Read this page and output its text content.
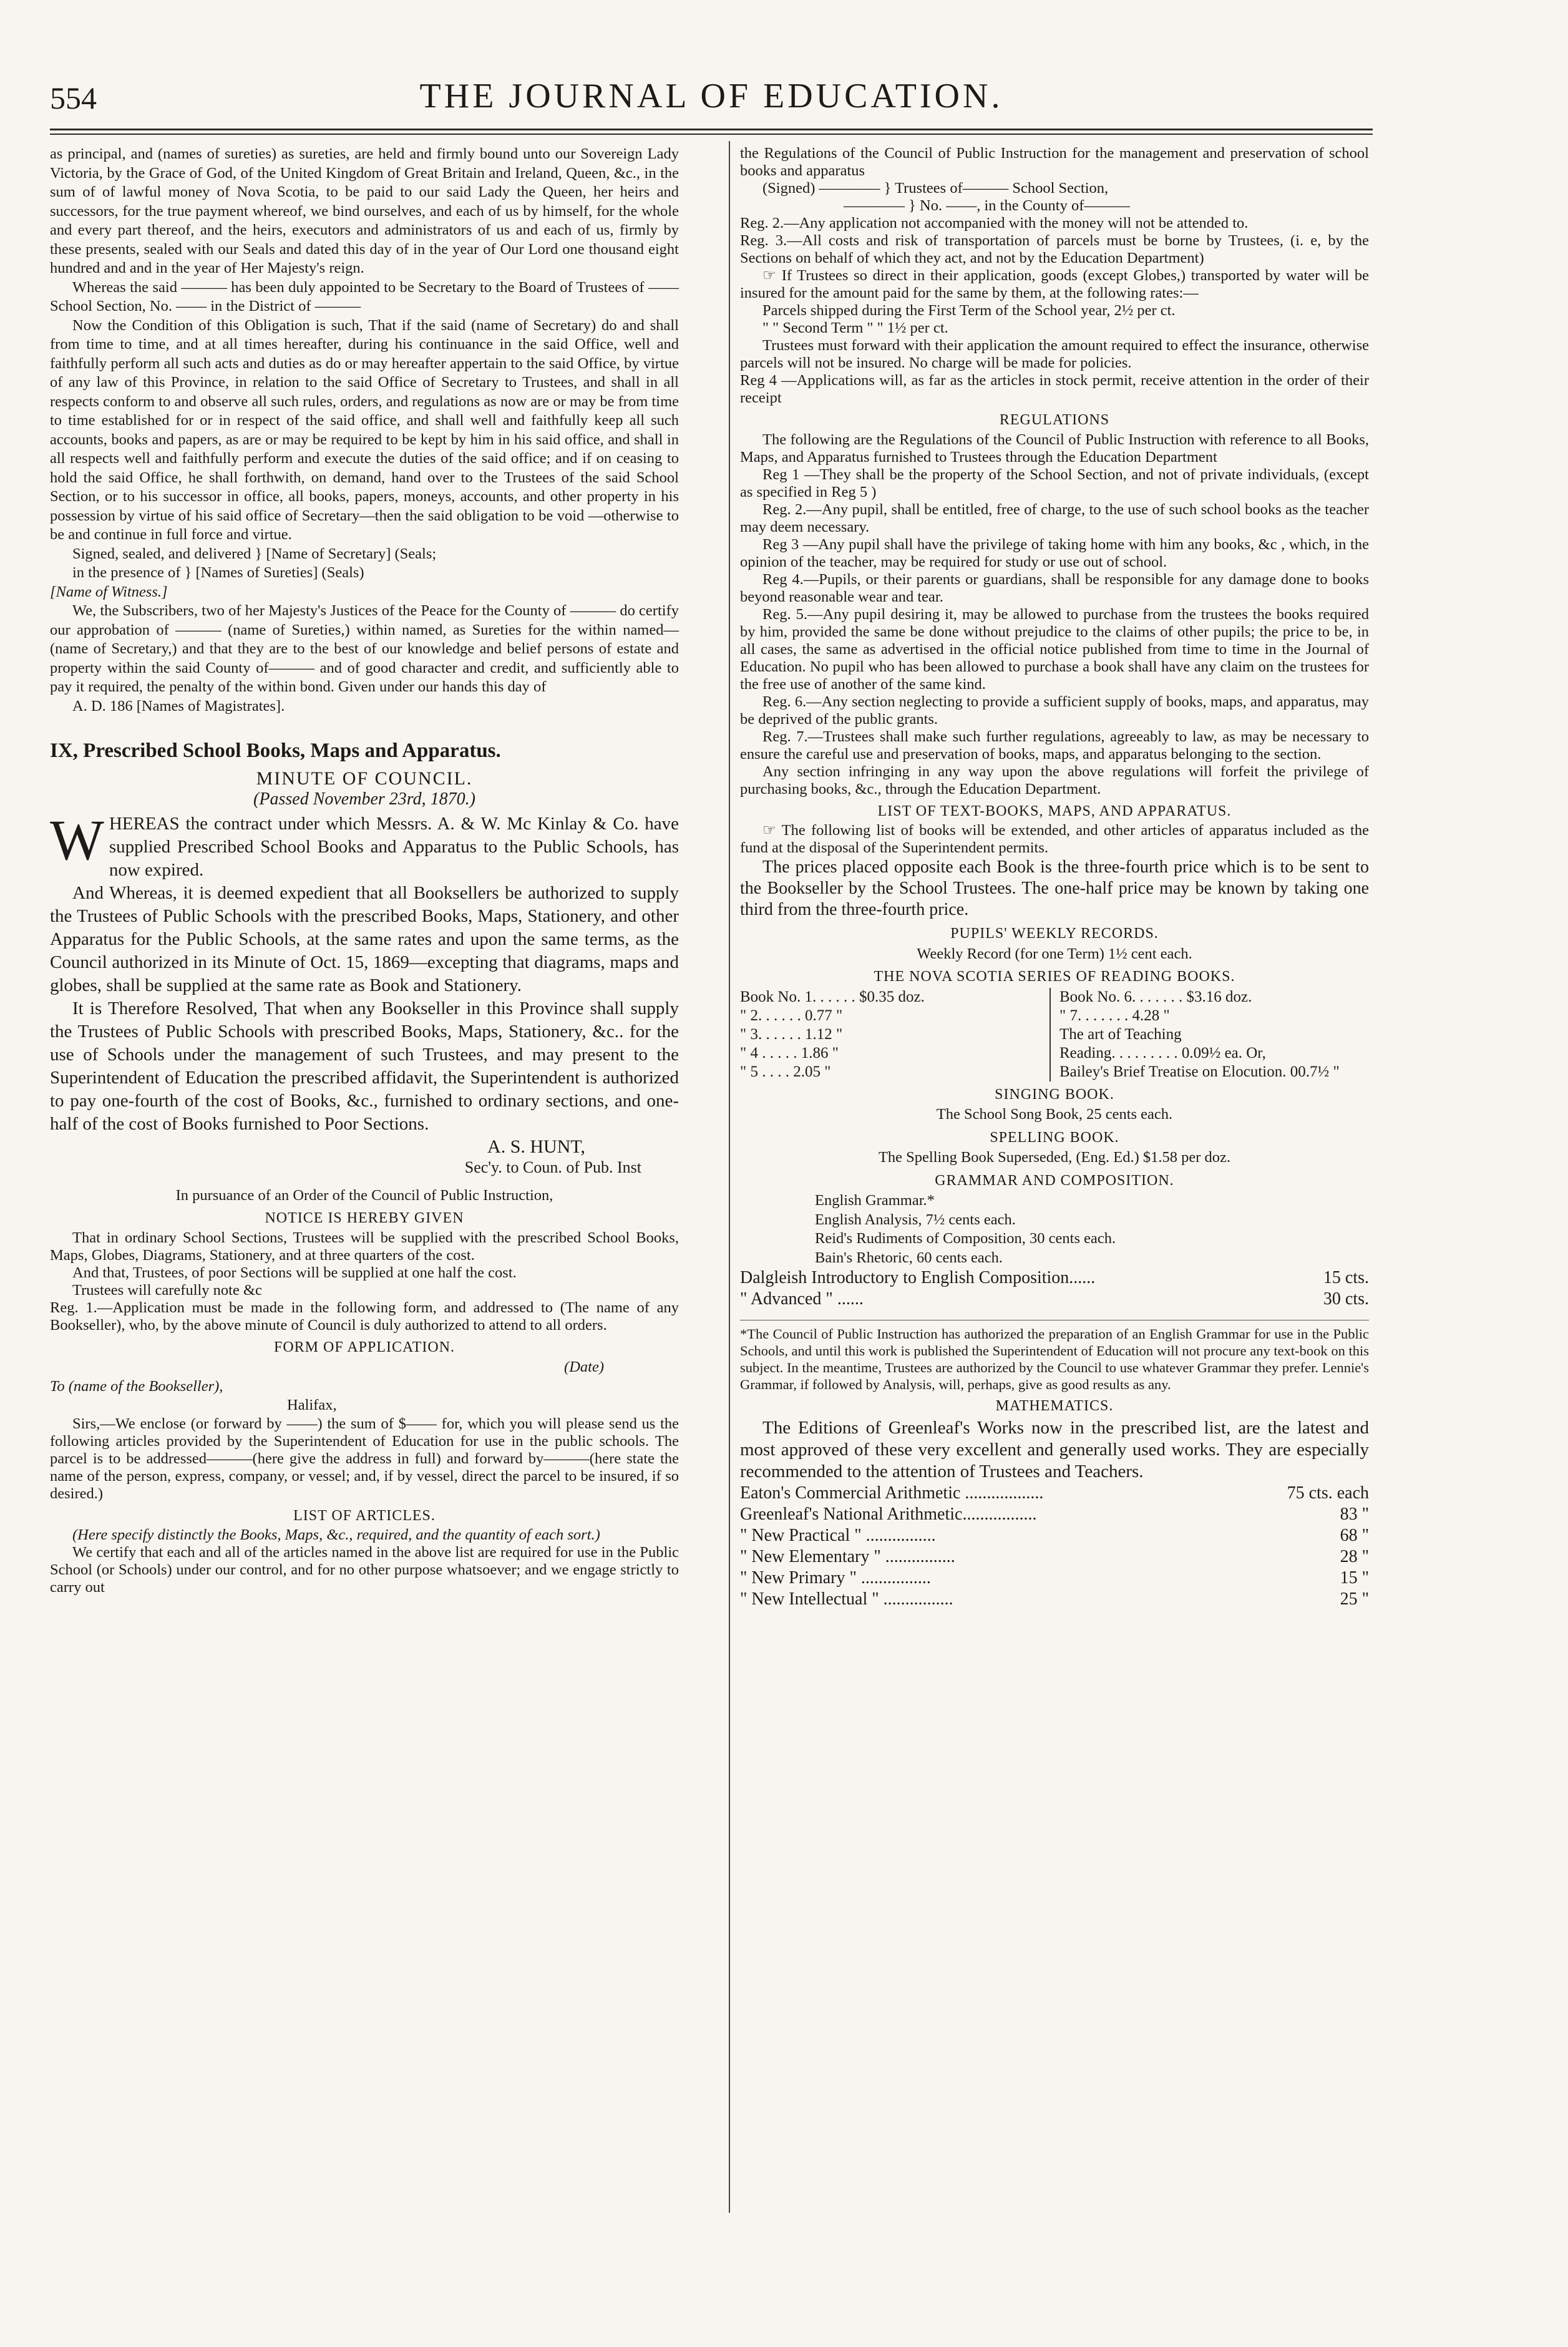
554	THE JOURNAL OF EDUCATION.

as principal, and (names of sureties) as sureties, are held and firmly bound unto our Sovereign Lady Victoria, by the Grace of God, of the United Kingdom of Great Britain and Ireland, Queen, &c., in the sum of of lawful money of Nova Scotia, to be paid to our said Lady the Queen, her heirs and successors, for the true payment whereof, we bind ourselves, and each of us by himself, for the whole and every part thereof, and the heirs, executors and administrators of us and each of us, firmly by these presents, sealed with our Seals and dated this day of in the year of Our Lord one thousand eight hundred and and in the year of Her Majesty's reign.

Whereas the said ——— has been duly appointed to be Secretary to the Board of Trustees of —— School Section, No. —— in the District of ———

Now the Condition of this Obligation is such, That if the said (name of Secretary) do and shall from time to time, and at all times hereafter, during his continuance in the said Office, well and faithfully perform all such acts and duties as do or may hereafter appertain to the said Office, by virtue of any law of this Province, in relation to the said Office of Secretary to Trustees, and shall in all respects conform to and observe all such rules, orders, and regulations as now are or may be from time to time established for or in respect of the said office, and shall well and faithfully keep all such accounts, books and papers, as are or may be required to be kept by him in his said office, and shall in all respects well and faithfully perform and execute the duties of the said office; and if on ceasing to hold the said Office, he shall forthwith, on demand, hand over to the Trustees of the said School Section, or to his successor in office, all books, papers, moneys, accounts, and other property in his possession by virtue of his said office of Secretary—then the said obligation to be void —otherwise to be and continue in full force and virtue.

Signed, sealed, and delivered } [Name of Secretary] (Seals;

in the presence of } [Names of Sureties] (Seals)

[Name of Witness.]

We, the Subscribers, two of her Majesty's Justices of the Peace for the County of ——— do certify our approbation of ——— (name of Sureties,) within named, as Sureties for the within named— (name of Secretary,) and that they are to the best of our knowledge and belief persons of estate and property within the said County of——— and of good character and credit, and sufficiently able to pay it required, the penalty of the within bond. Given under our hands this day of

A. D. 186 [Names of Magistrates].

IX, Prescribed School Books, Maps and Apparatus.
MINUTE OF COUNCIL.
(Passed November 23rd, 1870.)

WHEREAS the contract under which Messrs. A. & W. Mc Kinlay & Co. have supplied Prescribed School Books and Apparatus to the Public Schools, has now expired.

And Whereas, it is deemed expedient that all Booksellers be authorized to supply the Trustees of Public Schools with the prescribed Books, Maps, Stationery, and other Apparatus for the Public Schools, at the same rates and upon the same terms, as the Council authorized in its Minute of Oct. 15, 1869—excepting that diagrams, maps and globes, shall be supplied at the same rate as Book and Stationery.

It is Therefore Resolved, That when any Bookseller in this Province shall supply the Trustees of Public Schools with prescribed Books, Maps, Stationery, &c.. for the use of Schools under the management of such Trustees, and may present to the Superintendent of Education the prescribed affidavit, the Superintendent is authorized to pay one-fourth of the cost of Books, &c., furnished to ordinary sections, and one-half of the cost of Books furnished to Poor Sections.

A. S. HUNT,
Sec'y. to Coun. of Pub. Inst

In pursuance of an Order of the Council of Public Instruction,

NOTICE IS HEREBY GIVEN

That in ordinary School Sections, Trustees will be supplied with the prescribed School Books, Maps, Globes, Diagrams, Stationery, and at three quarters of the cost.

And that, Trustees, of poor Sections will be supplied at one half the cost.

Trustees will carefully note &c

Reg. 1.—Application must be made in the following form, and addressed to (The name of any Bookseller), who, by the above minute of Council is duly authorized to attend to all orders.

FORM OF APPLICATION.

(Date)

To (name of the Bookseller),

Halifax,

Sirs,—We enclose (or forward by ——) the sum of $—— for, which you will please send us the following articles provided by the Superintendent of Education for use in the public schools. The parcel is to be addressed———(here give the address in full) and forward by———(here state the name of the person, express, company, or vessel; and, if by vessel, direct the parcel to be insured, if so desired.)

LIST OF ARTICLES.

(Here specify distinctly the Books, Maps, &c., required, and the quantity of each sort.)

We certify that each and all of the articles named in the above list are required for use in the Public School (or Schools) under our control, and for no other purpose whatsoever; and we engage strictly to carry out

the Regulations of the Council of Public Instruction for the management and preservation of school books and apparatus

(Signed) ———— } Trustees of——— School Section,

———— } No. ——, in the County of———

Reg. 2.—Any application not accompanied with the money will not be attended to.

Reg. 3.—All costs and risk of transportation of parcels must be borne by Trustees, (i. e, by the Sections on behalf of which they act, and not by the Education Department)

☞ If Trustees so direct in their application, goods (except Globes,) transported by water will be insured for the amount paid for the same by them, at the following rates:—

Parcels shipped during the First Term of the School year, 2½ per ct.

" " Second Term " " 1½ per ct.

Trustees must forward with their application the amount required to effect the insurance, otherwise parcels will not be insured. No charge will be made for policies.

Reg 4 —Applications will, as far as the articles in stock permit, receive attention in the order of their receipt

REGULATIONS

The following are the Regulations of the Council of Public Instruction with reference to all Books, Maps, and Apparatus furnished to Trustees through the Education Department

Reg 1 —They shall be the property of the School Section, and not of private individuals, (except as specified in Reg 5 )

Reg. 2.—Any pupil, shall be entitled, free of charge, to the use of such school books as the teacher may deem necessary.

Reg 3 —Any pupil shall have the privilege of taking home with him any books, &c , which, in the opinion of the teacher, may be required for study or use out of school.

Reg 4.—Pupils, or their parents or guardians, shall be responsible for any damage done to books beyond reasonable wear and tear.

Reg. 5.—Any pupil desiring it, may be allowed to purchase from the trustees the books required by him, provided the same be done without prejudice to the claims of other pupils; the price to be, in all cases, the same as advertised in the official notice published from time to time in the Journal of Education. No pupil who has been allowed to purchase a book shall have any claim on the trustees for the free use of another of the same kind.

Reg. 6.—Any section neglecting to provide a sufficient supply of books, maps, and apparatus, may be deprived of the public grants.

Reg. 7.—Trustees shall make such further regulations, agreeably to law, as may be necessary to ensure the careful use and preservation of books, maps, and apparatus belonging to the section.

Any section infringing in any way upon the above regulations will forfeit the privilege of purchasing books, &c., through the Education Department.

LIST OF TEXT-BOOKS, MAPS, AND APPARATUS.

☞ The following list of books will be extended, and other articles of apparatus included as the fund at the disposal of the Superintendent permits.

The prices placed opposite each Book is the three-fourth price which is to be sent to the Bookseller by the School Trustees. The one-half price may be known by taking one third from the three-fourth price.

PUPILS' WEEKLY RECORDS.

Weekly Record (for one Term) 1½ cent each.

THE NOVA SCOTIA SERIES OF READING BOOKS.
Book No. 1. . . . . . $0.35 doz.
" 2. . . . . . 0.77 "
" 3. . . . . . 1.12 "
" 4 . . . . . 1.86 "
" 5 . . . . 2.05 "
Book No. 6. . . . . . . $3.16 doz.
" 7. . . . . . . 4.28 "
The art of Teaching
Reading. . . . . . . . . 0.09½ ea. Or,
Bailey's Brief Treatise on Elocution. 00.7½ "
SINGING BOOK.

The School Song Book, 25 cents each.

SPELLING BOOK.

The Spelling Book Superseded, (Eng. Ed.) $1.58 per doz.

GRAMMAR AND COMPOSITION.

English Grammar.*

English Analysis, 7½ cents each.

Reid's Rudiments of Composition, 30 cents each.

Bain's Rhetoric, 60 cents each.

Dalgleish Introductory to English Composition......	15 cts.
" Advanced " ......	30 cts.

*The Council of Public Instruction has authorized the preparation of an English Grammar for use in the Public Schools, and until this work is published the Superintendent of Education will not procure any text-book on this subject. In the meantime, Trustees are authorized by the Council to use whatever Grammar they prefer. Lennie's Grammar, if followed by Analysis, will, perhaps, give as good results as any.

MATHEMATICS.

The Editions of Greenleaf's Works now in the prescribed list, are the latest and most approved of these very excellent and generally used works. They are especially recommended to the attention of Trustees and Teachers.

Eaton's Commercial Arithmetic ..................	75 cts. each
Greenleaf's National Arithmetic.................	83 "
" New Practical " ................	68 "
" New Elementary " ................	28 "
" New Primary " ................	15 "
" New Intellectual " ................	25 "
